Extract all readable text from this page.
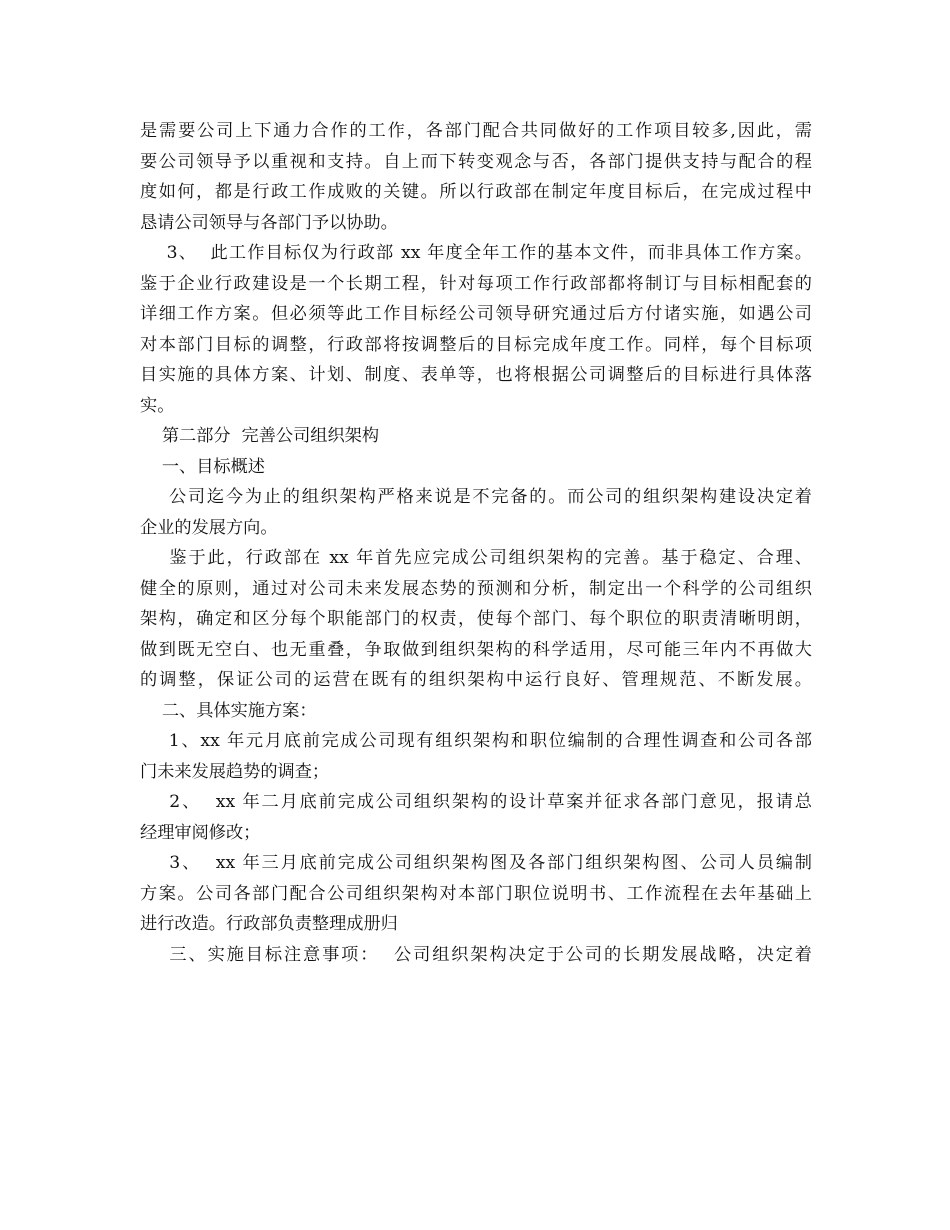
是需要公司上下通力合作的工作，各部门配合共同做好的工作项目较多,因此，需
要公司领导予以重视和支持。自上而下转变观念与否，各部门提供支持与配合的程
度如何，都是行政工作成败的关键。所以行政部在制定年度目标后，在完成过程中
恳请公司领导与各部门予以协助。
3、  此工作目标仅为行政部 xx 年度全年工作的基本文件，而非具体工作方案。
鉴于企业行政建设是一个长期工程，针对每项工作行政部都将制订与目标相配套的
详细工作方案。但必须等此工作目标经公司领导研究通过后方付诸实施，如遇公司
对本部门目标的调整，行政部将按调整后的目标完成年度工作。同样，每个目标项
目实施的具体方案、计划、制度、表单等，也将根据公司调整后的目标进行具体落
实。
第二部分  完善公司组织架构
一、目标概述
公司迄今为止的组织架构严格来说是不完备的。而公司的组织架构建设决定着
企业的发展方向。
鉴于此，行政部在 xx 年首先应完成公司组织架构的完善。基于稳定、合理、
健全的原则，通过对公司未来发展态势的预测和分析，制定出一个科学的公司组织
架构，确定和区分每个职能部门的权责，使每个部门、每个职位的职责清晰明朗，
做到既无空白、也无重叠，争取做到组织架构的科学适用，尽可能三年内不再做大
的调整，保证公司的运营在既有的组织架构中运行良好、管理规范、不断发展。
二、具体实施方案：
1、xx 年元月底前完成公司现有组织架构和职位编制的合理性调查和公司各部
门未来发展趋势的调查；
2、  xx 年二月底前完成公司组织架构的设计草案并征求各部门意见，报请总
经理审阅修改；
3、  xx 年三月底前完成公司组织架构图及各部门组织架构图、公司人员编制
方案。公司各部门配合公司组织架构对本部门职位说明书、工作流程在去年基础上
进行改造。行政部负责整理成册归
三、实施目标注意事项：  公司组织架构决定于公司的长期发展战略，决定着
